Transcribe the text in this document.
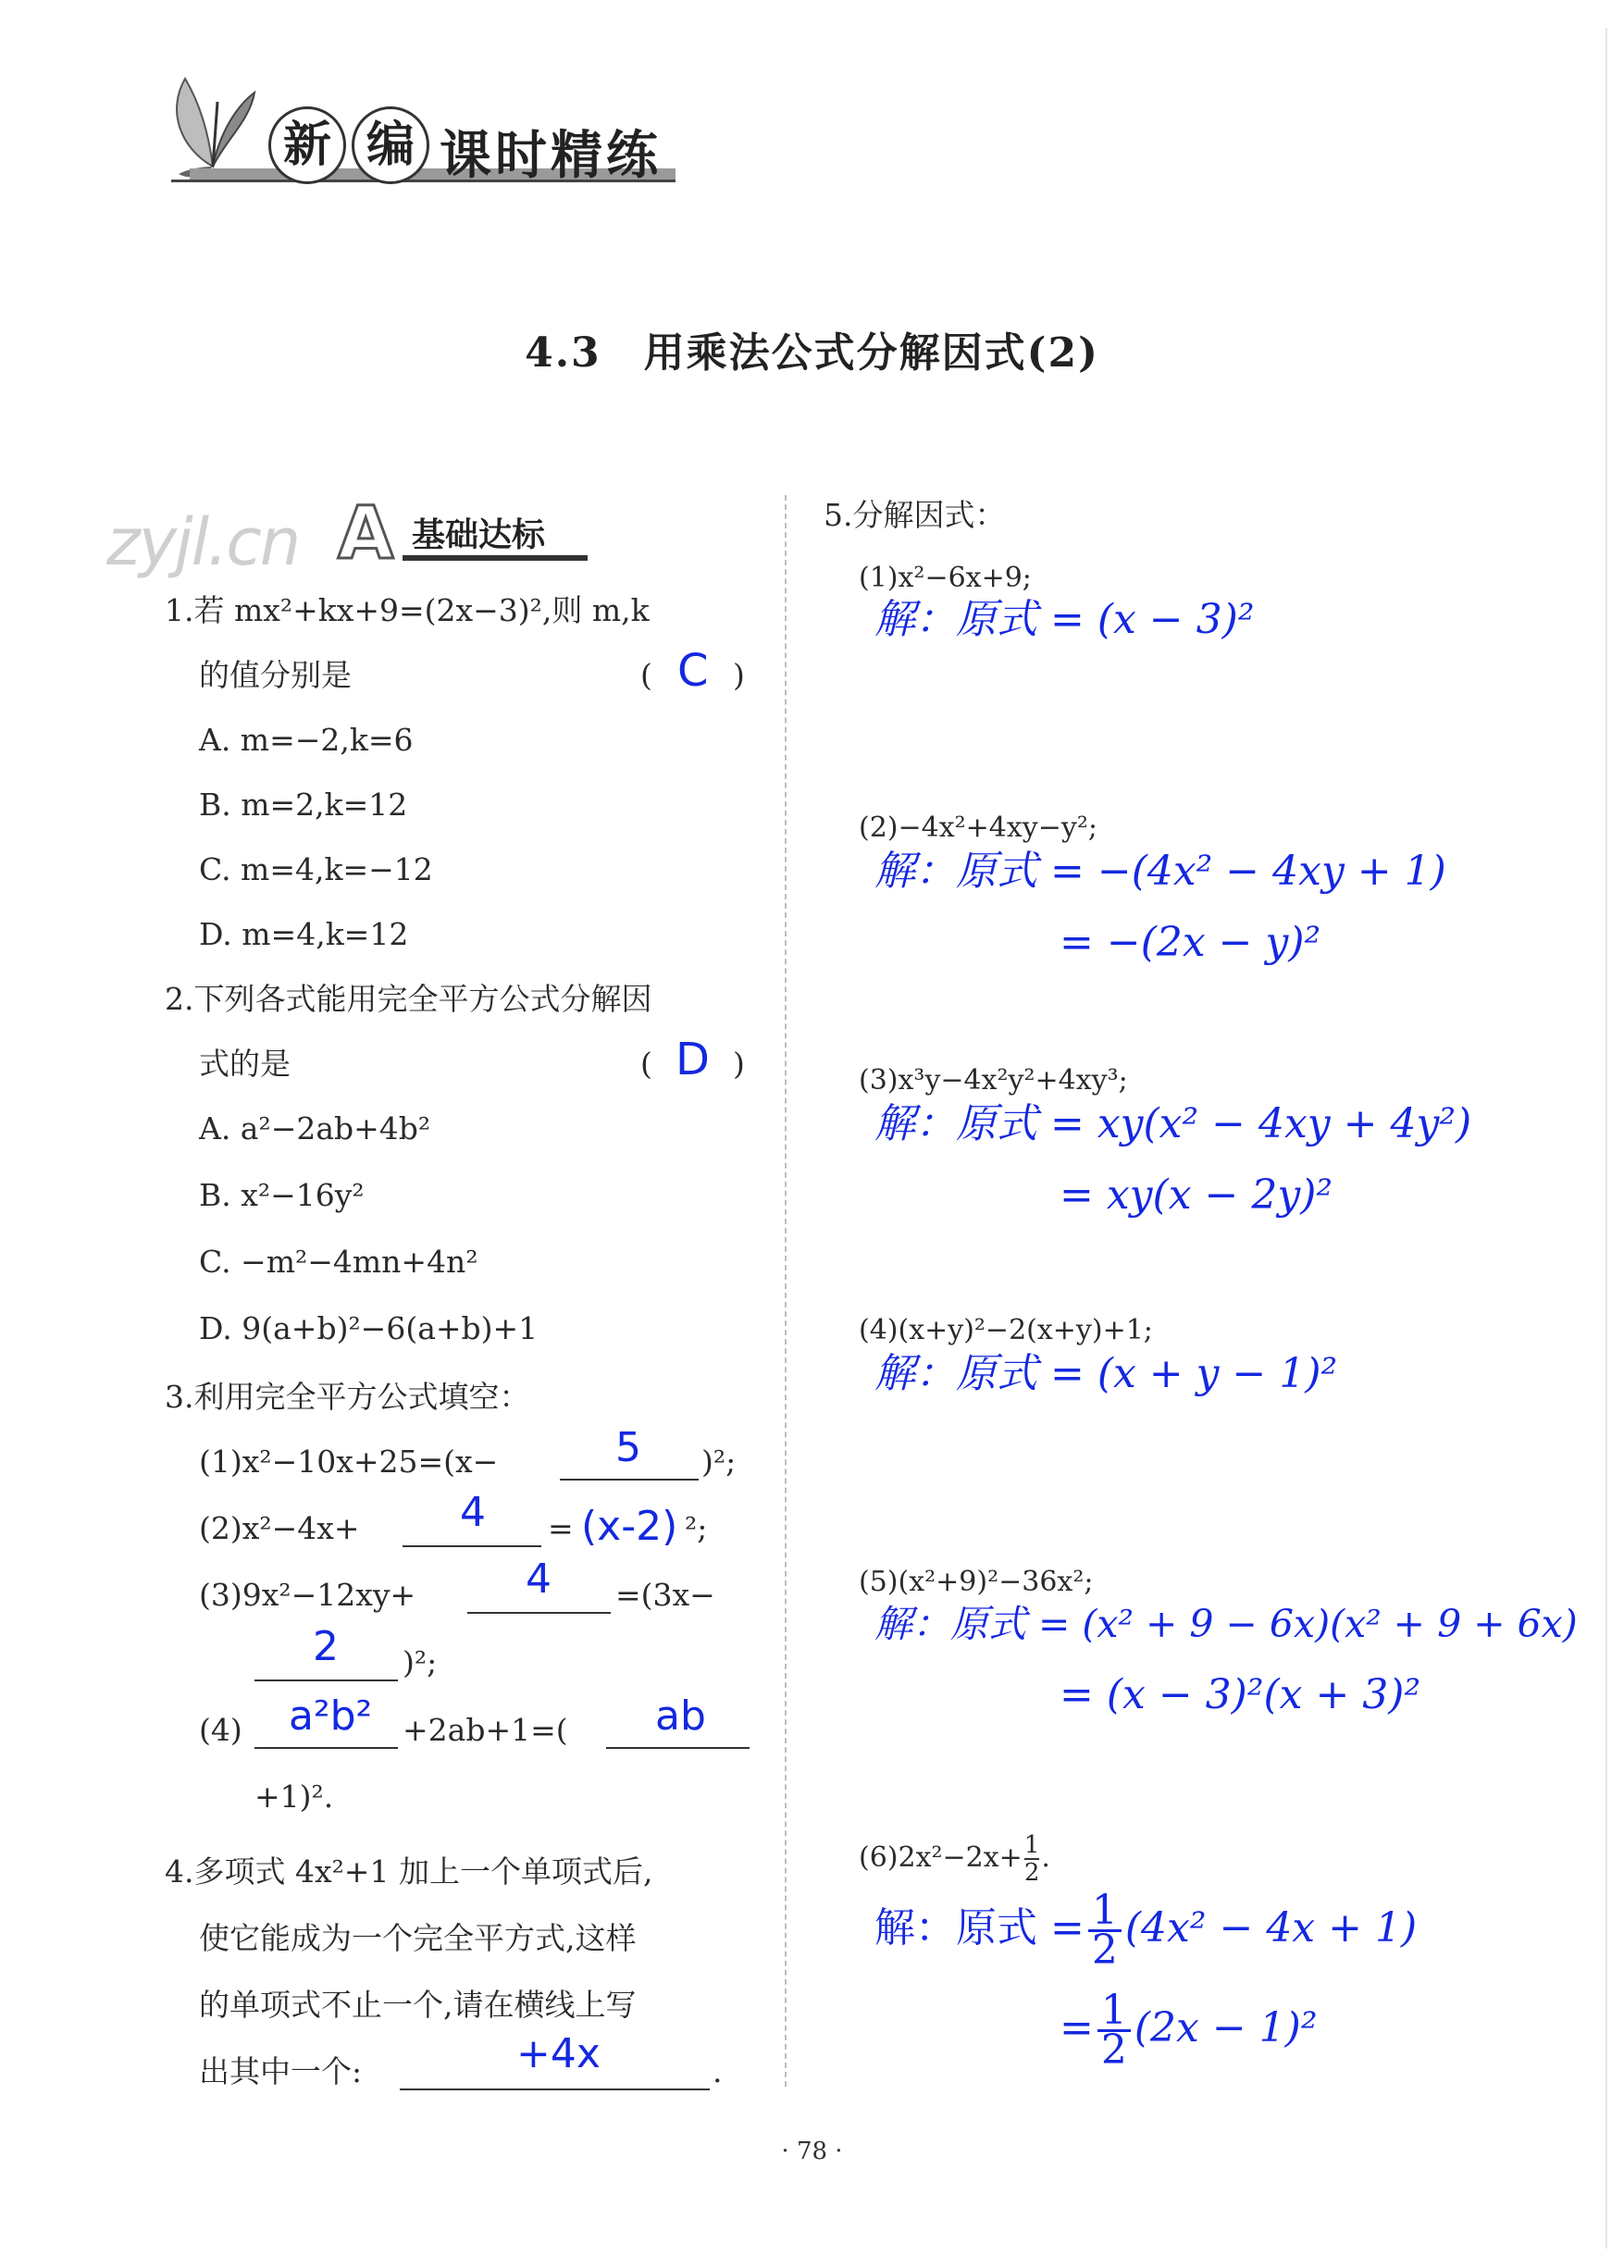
新 编 课时精练
4.3　用乘法公式分解因式(2)
zyjl.cn A 基础达标
1.若 mx²+kx+9=(2x−3)²,则 m,k
的值分别是	( C )
A. m=−2,k=6
B. m=2,k=12
C. m=4,k=−12
D. m=4,k=12
2.下列各式能用完全平方公式分解因
式的是	( D )
A. a²−2ab+4b²
B. x²−16y²
C. −m²−4mn+4n²
D. 9(a+b)²−6(a+b)+1
3.利用完全平方公式填空：
(1)x²−10x+25=(x−	5 )²;
(2)x²−4x+ 4 = (x-2) ²;
(3)9x²−12xy+	4 =(3x−
2 )²;
(4) a²b² +2ab+1=( ab
+1)².
4.多项式 4x²+1 加上一个单项式后,
使它能成为一个完全平方式,这样
的单项式不止一个,请在横线上写
出其中一个:	+4x	.
5.分解因式：
(1)x²−6x+9;
解：原式 = (x − 3)²
(2)−4x²+4xy−y²;
解：原式 = −(4x² − 4xy + 1)
= −(2x − y)²
(3)x³y−4x²y²+4xy³;
解：原式 = xy(x² − 4xy + 4y²)
= xy(x − 2y)²
(4)(x+y)²−2(x+y)+1;
解：原式 = (x + y − 1)²
(5)(x²+9)²−36x²;
解：原式 = (x² + 9 − 6x)(x² + 9 + 6x)
= (x − 3)²(x + 3)²
$(6)2x^2-2x+ \frac{1}{2}$.
解：原式 = $\frac{1}{2} (4x^2 - 4x + 1)$
= $\frac{1}{2} (2x - 1)^2$
· 78 ·
